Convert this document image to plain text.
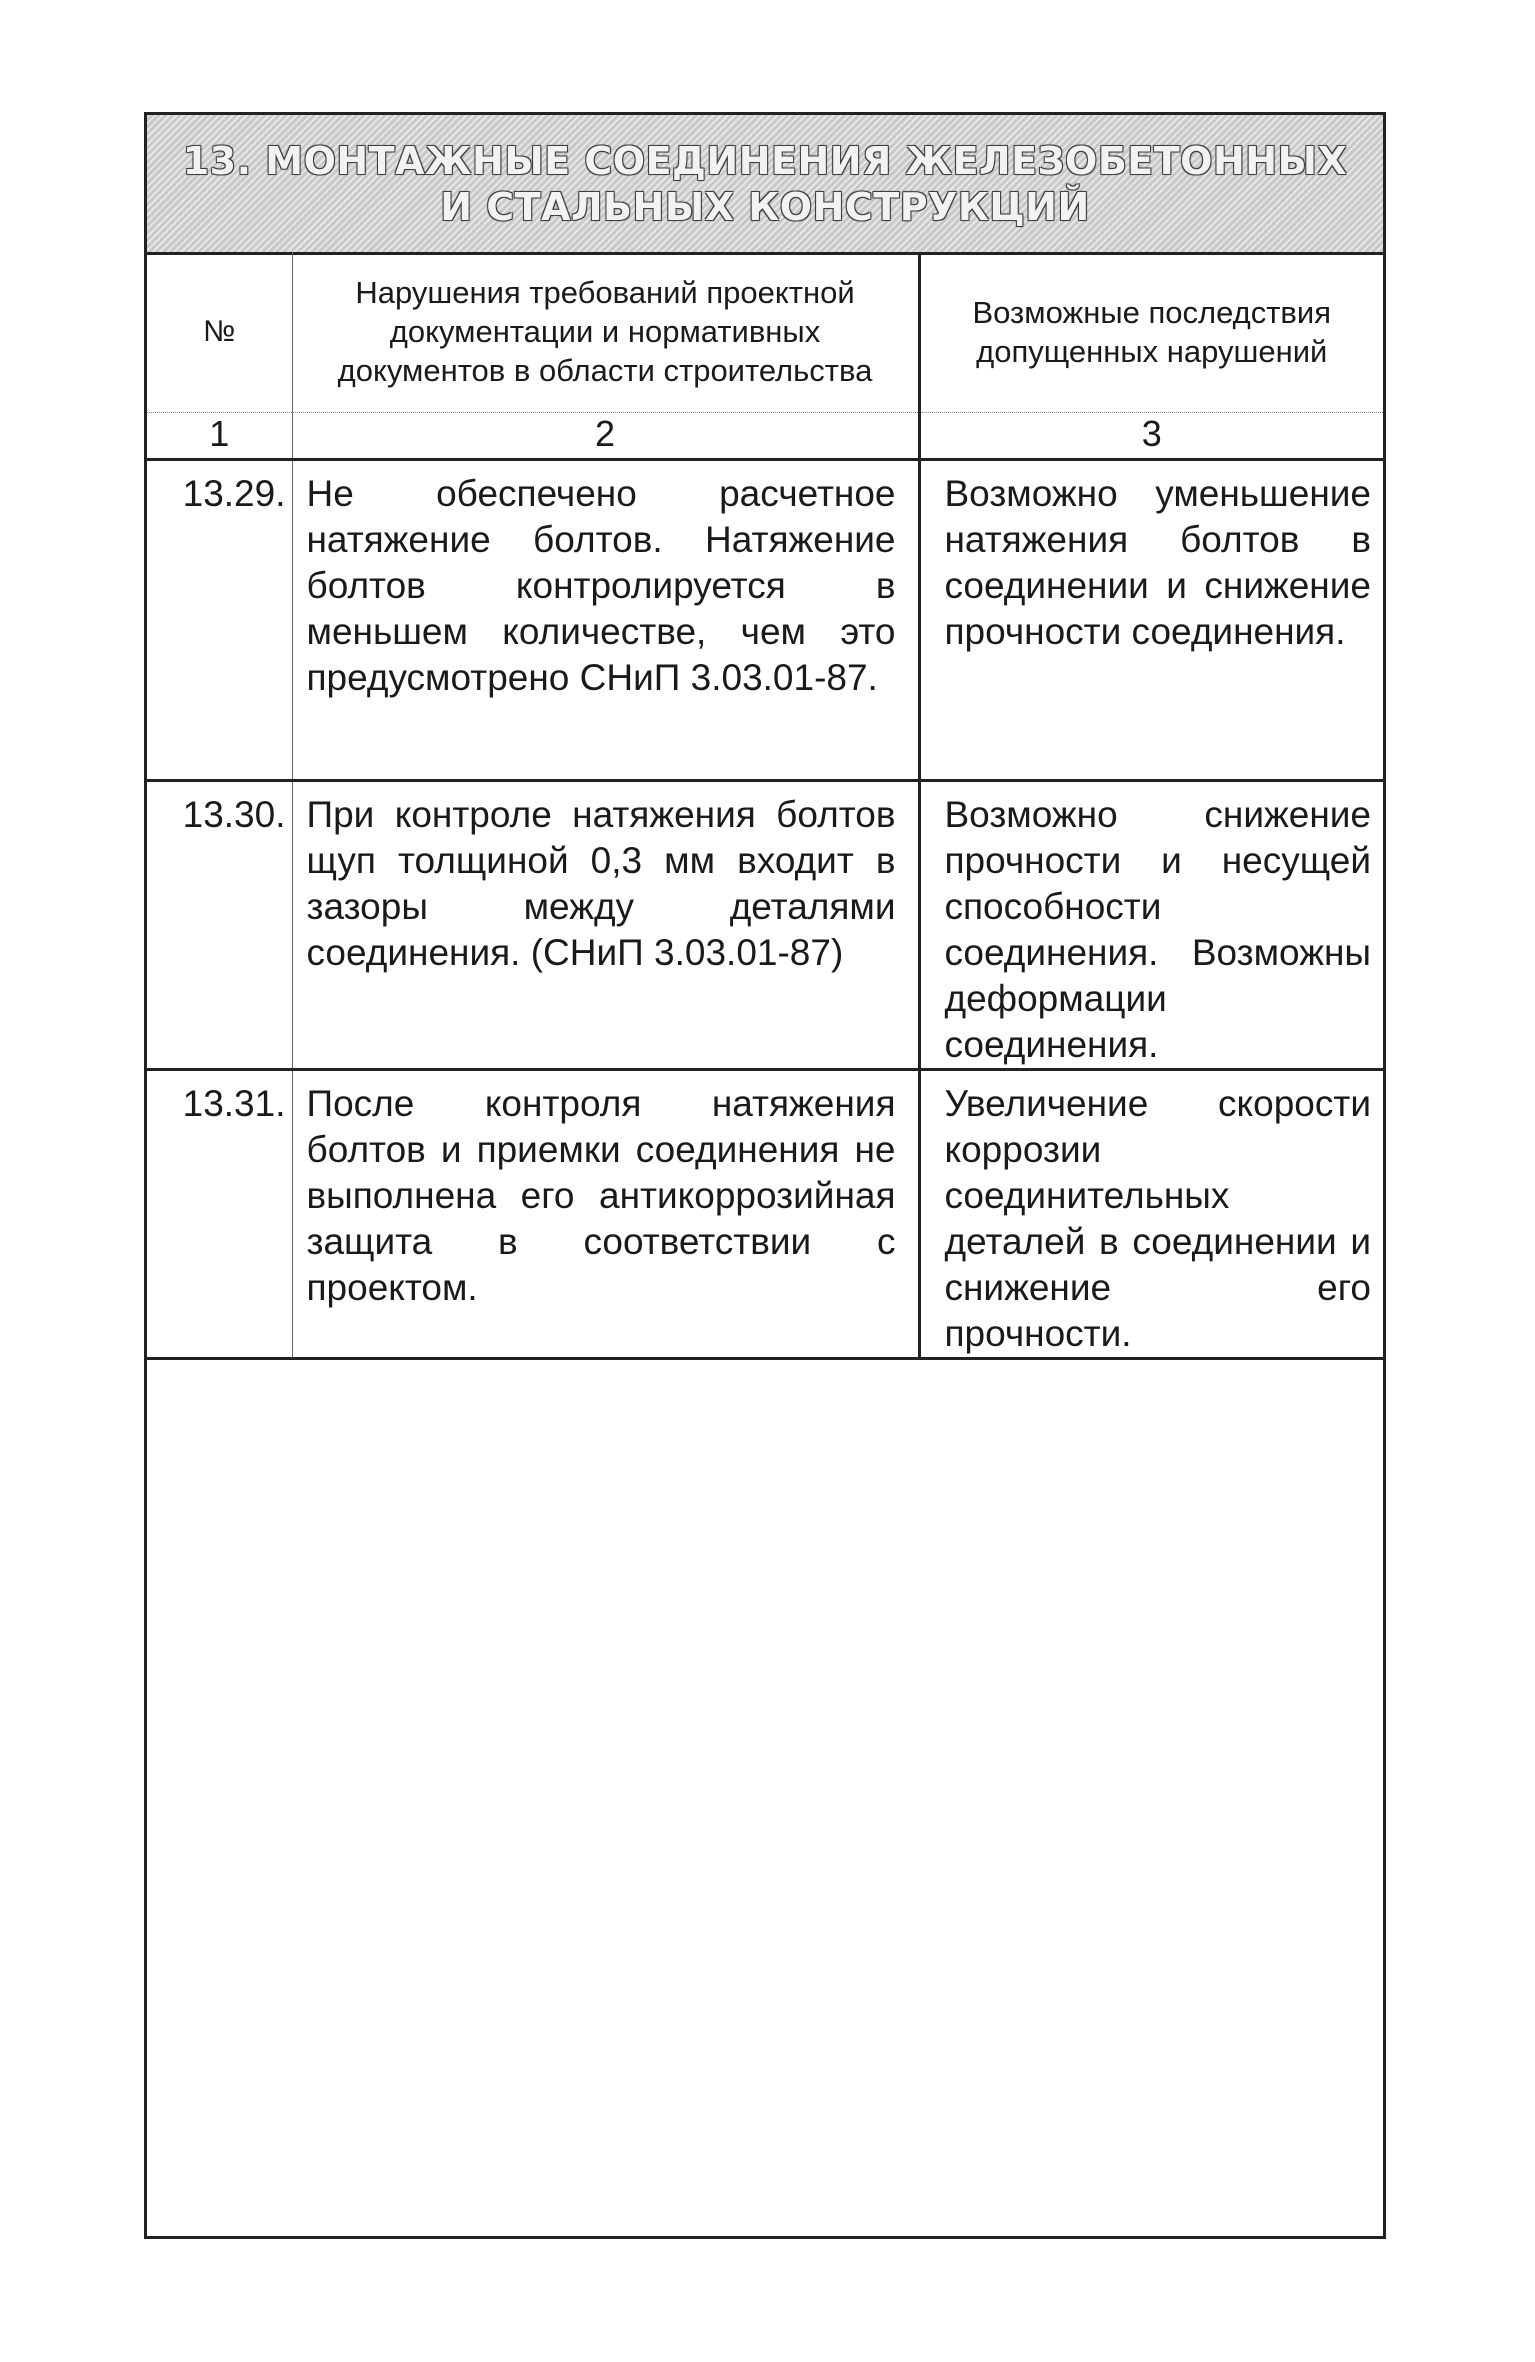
13. МОНТАЖНЫЕ СОЕДИНЕНИЯ ЖЕЛЕЗОБЕТОННЫХ
И СТАЛЬНЫХ КОНСТРУКЦИЙ
№	Нарушения требований проектной документации и нормативных документов в области строительства	Возможные последствия допущенных нарушений
1	2	3
13.29.	Не обеспечено расчетное натяжение болтов. Натяжение болтов контролируется в меньшем количестве, чем это предусмотрено СНиП 3.03.01-87.	Возможно уменьшение натяжения болтов в соединении и снижение прочности соединения.
13.30.	При контроле натяжения болтов щуп толщиной 0,3 мм входит в зазоры между деталями соединения. (СНиП 3.03.01-87)	Возможно снижение прочности и несущей способности соединения. Возможны деформации соединения.
13.31.	После контроля натяжения болтов и приемки соединения не выполнена его антикоррозийная защита в соответствии с проектом.	Увеличение скорости коррозии соединительных деталей в соединении и снижение его прочности.
